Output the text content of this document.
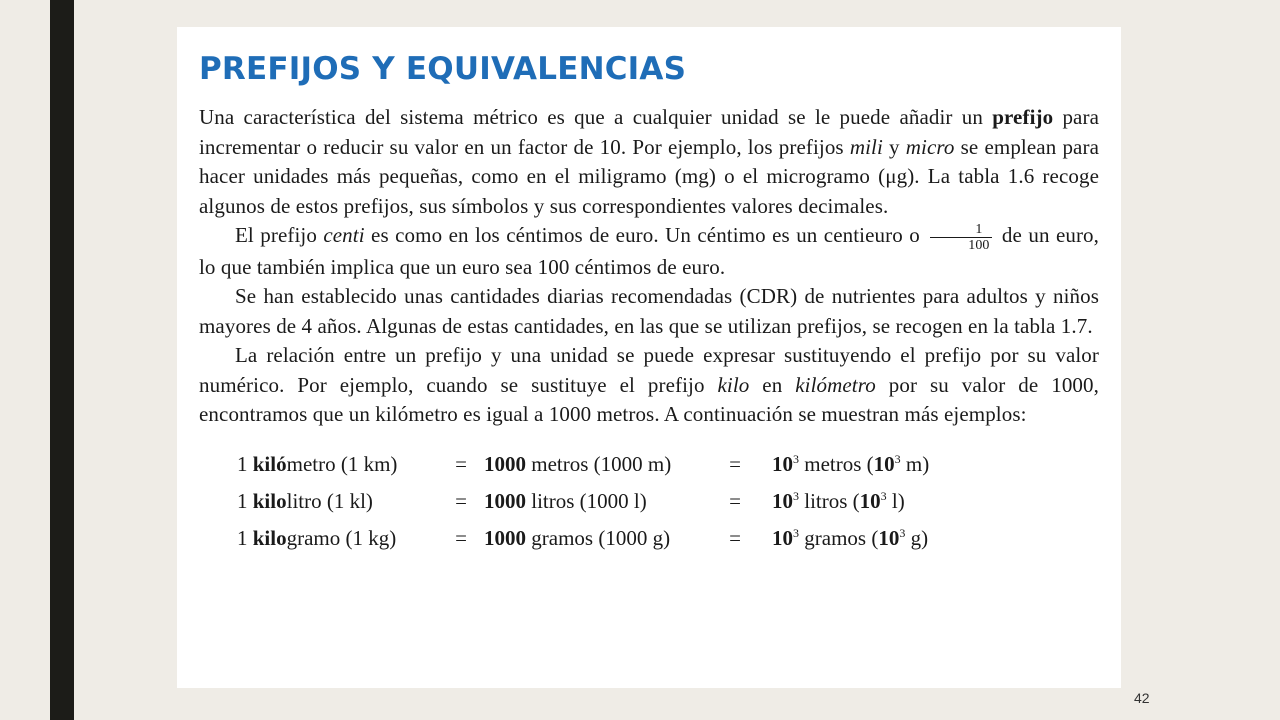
PREFIJOS Y EQUIVALENCIAS

Una característica del sistema métrico es que a cualquier unidad se le puede añadir un prefijo para incrementar o reducir su valor en un factor de 10. Por ejemplo, los prefijos mili y micro se emplean para hacer unidades más pequeñas, como en el miligramo (mg) o el microgramo (μg). La tabla 1.6 recoge algunos de estos prefijos, sus símbolos y sus correspondientes valores decimales.

El prefijo centi es como en los céntimos de euro. Un céntimo es un centieuro o $\frac{1}{100}$ de un euro, lo que también implica que un euro sea 100 céntimos de euro.

Se han establecido unas cantidades diarias recomendadas (CDR) de nutrientes para adultos y niños mayores de 4 años. Algunas de estas cantidades, en las que se utilizan prefijos, se recogen en la tabla 1.7.

La relación entre un prefijo y una unidad se puede expresar sustituyendo el prefijo por su valor numérico. Por ejemplo, cuando se sustituye el prefijo kilo en kilómetro por su valor de 1000, encontramos que un kilómetro es igual a 1000 metros. A continuación se muestran más ejemplos:

1 kilómetro (1 km)	=	1000 metros (1000 m)	=	$10^3$ metros ($10^3$ m)
1 kilolitro (1 kl)	=	1000 litros (1000 l)	=	$10^3$ litros ($10^3$ l)
1 kilogramo (1 kg)	=	1000 gramos (1000 g)	=	$10^3$ gramos ($10^3$ g)
42
